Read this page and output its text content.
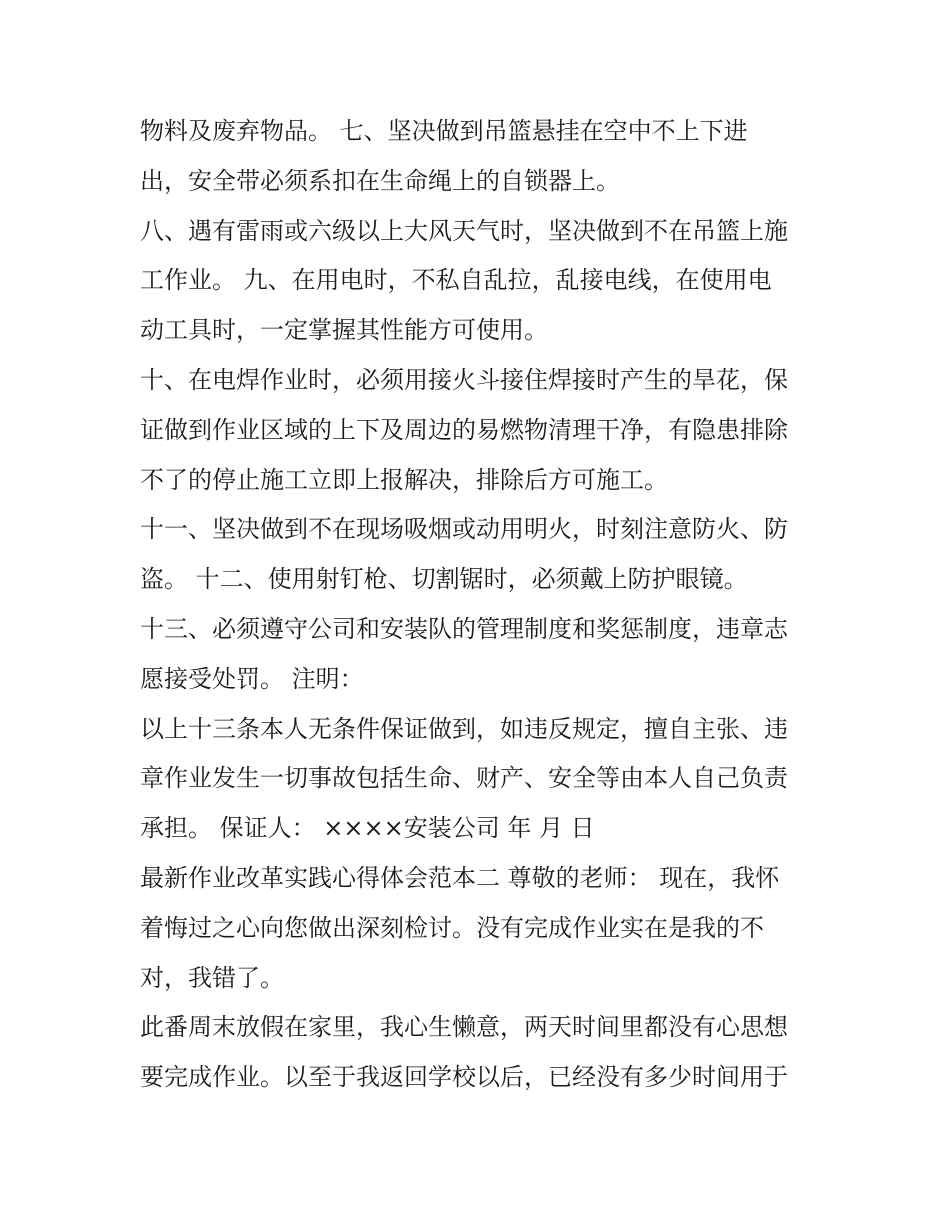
物料及废弃物品。 七、坚决做到吊篮悬挂在空中不上下进
出，安全带必须系扣在生命绳上的自锁器上。
八、遇有雷雨或六级以上大风天气时，坚决做到不在吊篮上施
工作业。 九、在用电时，不私自乱拉，乱接电线，在使用电
动工具时，一定掌握其性能方可使用。
十、在电焊作业时，必须用接火斗接住焊接时产生的旱花，保
证做到作业区域的上下及周边的易燃物清理干净，有隐患排除
不了的停止施工立即上报解决，排除后方可施工。
十一、坚决做到不在现场吸烟或动用明火，时刻注意防火、防
盗。 十二、使用射钉枪、切割锯时，必须戴上防护眼镜。
十三、必须遵守公司和安装队的管理制度和奖惩制度，违章志
愿接受处罚。 注明：
以上十三条本人无条件保证做到，如违反规定，擅自主张、违
章作业发生一切事故包括生命、财产、安全等由本人自己负责
承担。 保证人： ××××安装公司 年 月 日
最新作业改革实践心得体会范本二 尊敬的老师： 现在，我怀
着悔过之心向您做出深刻检讨。没有完成作业实在是我的不
对，我错了。
此番周末放假在家里，我心生懒意，两天时间里都没有心思想
要完成作业。以至于我返回学校以后，已经没有多少时间用于
